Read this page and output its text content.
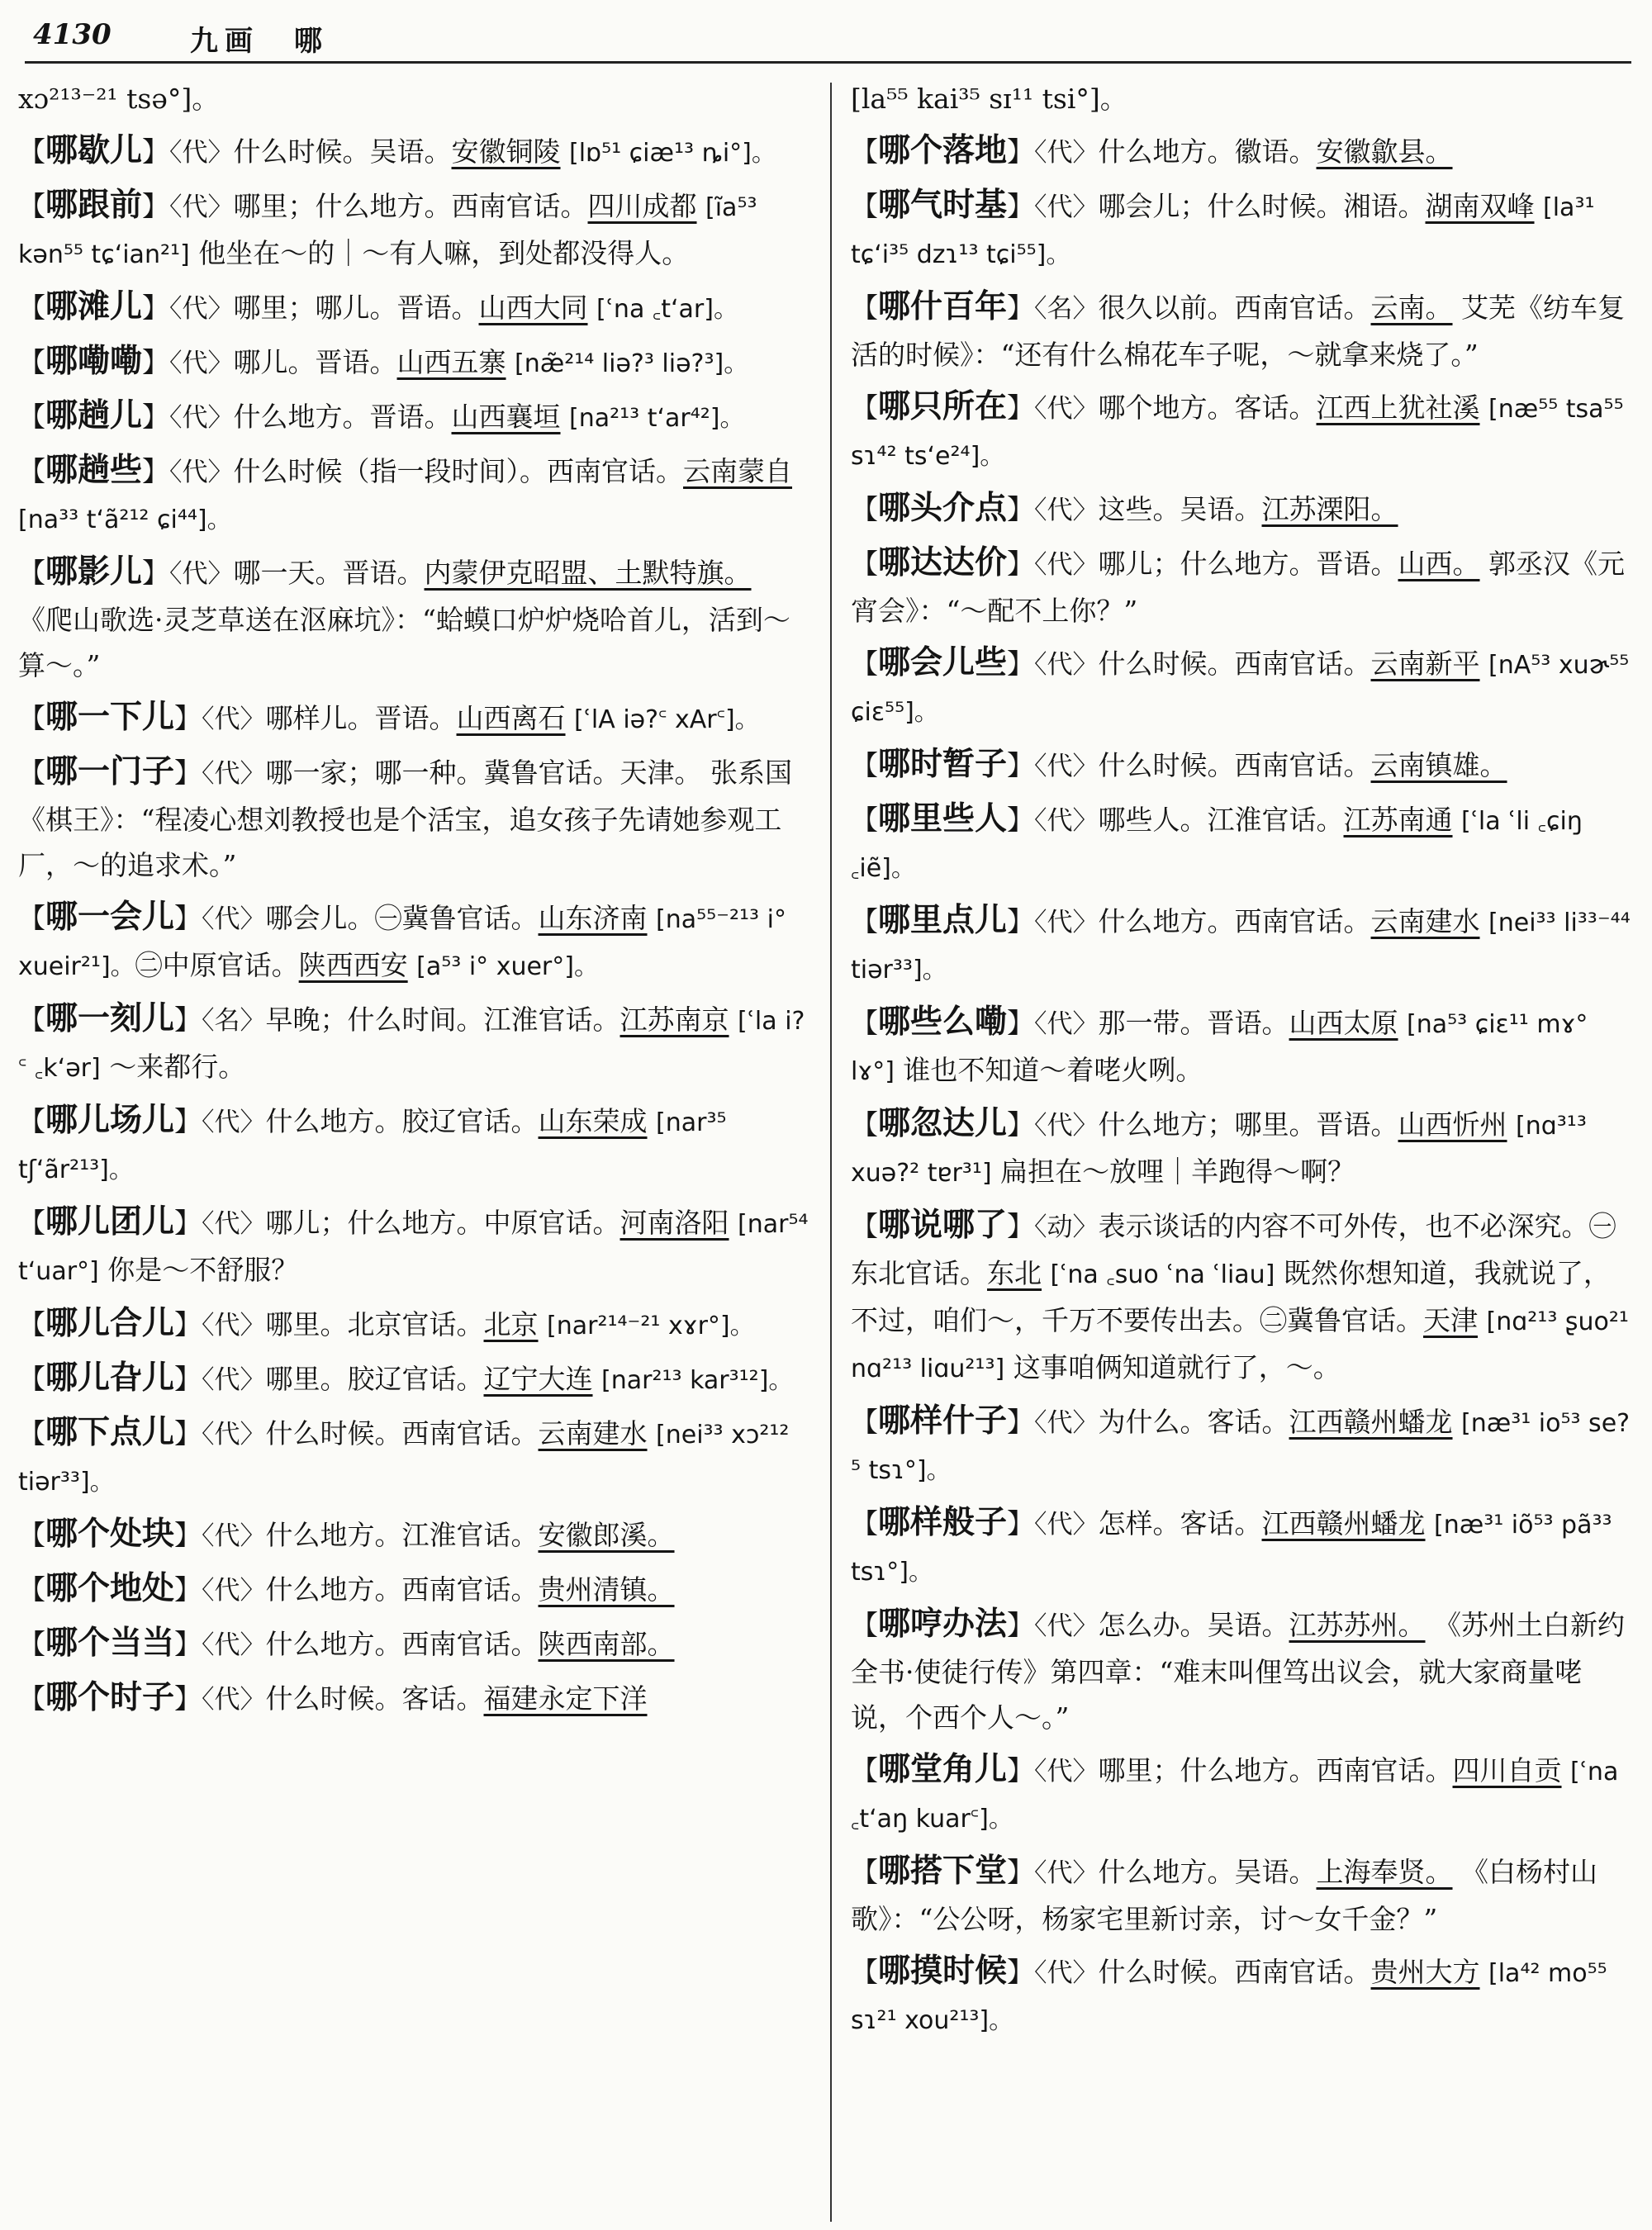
4130	九画　哪
xɔ²¹³⁻²¹ tsə°]。
【哪歇儿】〈代〉什么时候。吴语。安徽铜陵 [lɒ⁵¹ ɕiæ¹³ ȵi°]。
【哪跟前】〈代〉哪里；什么地方。西南官话。四川成都 [ĩa⁵³ kən⁵⁵ tɕ‘ian²¹] 他坐在～的｜～有人嘛，到处都没得人。
【哪滩儿】〈代〉哪里；哪儿。晋语。山西大同 [ʿna ꜀t‘ar]。
【哪嘞嘞】〈代〉哪儿。晋语。山西五寨 [næ̃²¹⁴ liə?³ liə?³]。
【哪趟儿】〈代〉什么地方。晋语。山西襄垣 [na²¹³ t‘ar⁴²]。
【哪趟些】〈代〉什么时候（指一段时间）。西南官话。云南蒙自 [na³³ t‘ã²¹² ɕi⁴⁴]。
【哪影儿】〈代〉哪一天。晋语。内蒙伊克昭盟、土默特旗。 《爬山歌选·灵芝草送在沤麻坑》：“蛤蟆口炉炉烧哈首儿，活到～算～。”
【哪一下儿】〈代〉哪样儿。晋语。山西离石 [ʿlA iə?꜂ xAr꜂]。
【哪一门子】〈代〉哪一家；哪一种。冀鲁官话。天津。 张系国《棋王》：“程凌心想刘教授也是个活宝，追女孩子先请她参观工厂，～的追求术。”
【哪一会儿】〈代〉哪会儿。㊀冀鲁官话。山东济南 [na⁵⁵⁻²¹³ i° xueir²¹]。㊁中原官话。陕西西安 [a⁵³ i° xuer°]。
【哪一刻儿】〈名〉早晚；什么时间。江淮官话。江苏南京 [ʿla i?꜂ ꜀k‘ər] ～来都行。
【哪儿场儿】〈代〉什么地方。胶辽官话。山东荣成 [nar³⁵ tʃ‘ãr²¹³]。
【哪儿团儿】〈代〉哪儿；什么地方。中原官话。河南洛阳 [nar⁵⁴ t‘uar°] 你是～不舒服？
【哪儿合儿】〈代〉哪里。北京官话。北京 [nar²¹⁴⁻²¹ xɤr°]。
【哪儿旮儿】〈代〉哪里。胶辽官话。辽宁大连 [nar²¹³ kar³¹²]。
【哪下点儿】〈代〉什么时候。西南官话。云南建水 [nei³³ xɔ²¹² tiər³³]。
【哪个处块】〈代〉什么地方。江淮官话。安徽郎溪。
【哪个地处】〈代〉什么地方。西南官话。贵州清镇。
【哪个当当】〈代〉什么地方。西南官话。陕西南部。
【哪个时子】〈代〉什么时候。客话。福建永定下洋
[la⁵⁵ kai³⁵ sɪ¹¹ tsi°]。
【哪个落地】〈代〉什么地方。徽语。安徽歙县。
【哪气时基】〈代〉哪会儿；什么时候。湘语。湖南双峰 [la³¹ tɕ‘i³⁵ dzɿ¹³ tɕi⁵⁵]。
【哪什百年】〈名〉很久以前。西南官话。云南。 艾芜《纺车复活的时候》：“还有什么棉花车子呢，～就拿来烧了。”
【哪只所在】〈代〉哪个地方。客话。江西上犹社溪 [næ⁵⁵ tsa⁵⁵ sɿ⁴² ts‘e²⁴]。
【哪头介点】〈代〉这些。吴语。江苏溧阳。
【哪达达价】〈代〉哪儿；什么地方。晋语。山西。 郭丞汉《元宵会》：“～配不上你？”
【哪会儿些】〈代〉什么时候。西南官话。云南新平 [nA⁵³ xuɚ⁵⁵ ɕiɛ⁵⁵]。
【哪时暂子】〈代〉什么时候。西南官话。云南镇雄。
【哪里些人】〈代〉哪些人。江淮官话。江苏南通 [ʿla ʿli ꜀ɕiŋ ꜀iẽ]。
【哪里点儿】〈代〉什么地方。西南官话。云南建水 [nei³³ li³³⁻⁴⁴ tiər³³]。
【哪些么嘞】〈代〉那一带。晋语。山西太原 [na⁵³ ɕiɛ¹¹ mɤ° lɤ°] 谁也不知道～着咾火咧。
【哪忽达儿】〈代〉什么地方；哪里。晋语。山西忻州 [nɑ³¹³ xuə?² tɐr³¹] 扁担在～放哩｜羊跑得～啊？
【哪说哪了】〈动〉表示谈话的内容不可外传，也不必深究。㊀东北官话。东北 [ʿna ꜀suo ʿna ʿliau] 既然你想知道，我就说了，不过，咱们～，千万不要传出去。㊁冀鲁官话。天津 [nɑ²¹³ ʂuo²¹ nɑ²¹³ liɑu²¹³] 这事咱俩知道就行了，～。
【哪样什子】〈代〉为什么。客话。江西赣州蟠龙 [næ³¹ io⁵³ se?⁵ tsɿ°]。
【哪样般子】〈代〉怎样。客话。江西赣州蟠龙 [næ³¹ iõ⁵³ pã³³ tsɿ°]。
【哪哼办法】〈代〉怎么办。吴语。江苏苏州。 《苏州土白新约全书·使徒行传》第四章：“难末叫俚笃出议会，就大家商量咾说，个西个人～。”
【哪堂角儿】〈代〉哪里；什么地方。西南官话。四川自贡 [ʿna ꜀t‘aŋ kuar꜂]。
【哪搭下堂】〈代〉什么地方。吴语。上海奉贤。 《白杨村山歌》：“公公呀，杨家宅里新讨亲，讨～女千金？”
【哪摸时候】〈代〉什么时候。西南官话。贵州大方 [la⁴² mo⁵⁵ sɿ²¹ xou²¹³]。
